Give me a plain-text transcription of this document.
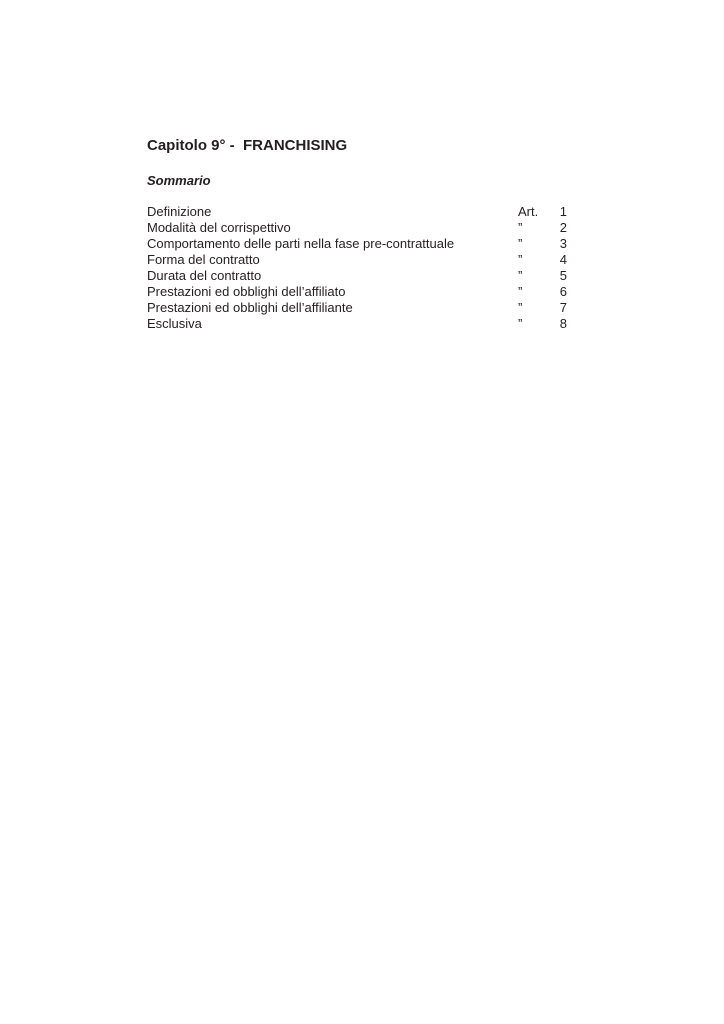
Capitolo 9° -  FRANCHISING
Sommario
Definizione	Art. 1
Modalità del corrispettivo	”	2
Comportamento delle parti nella fase pre-contrattuale	”	3
Forma del contratto	”	4
Durata del contratto	”	5
Prestazioni ed obblighi dell’affiliato	”	6
Prestazioni ed obblighi dell’affiliante	”	7
Esclusiva	”	8
